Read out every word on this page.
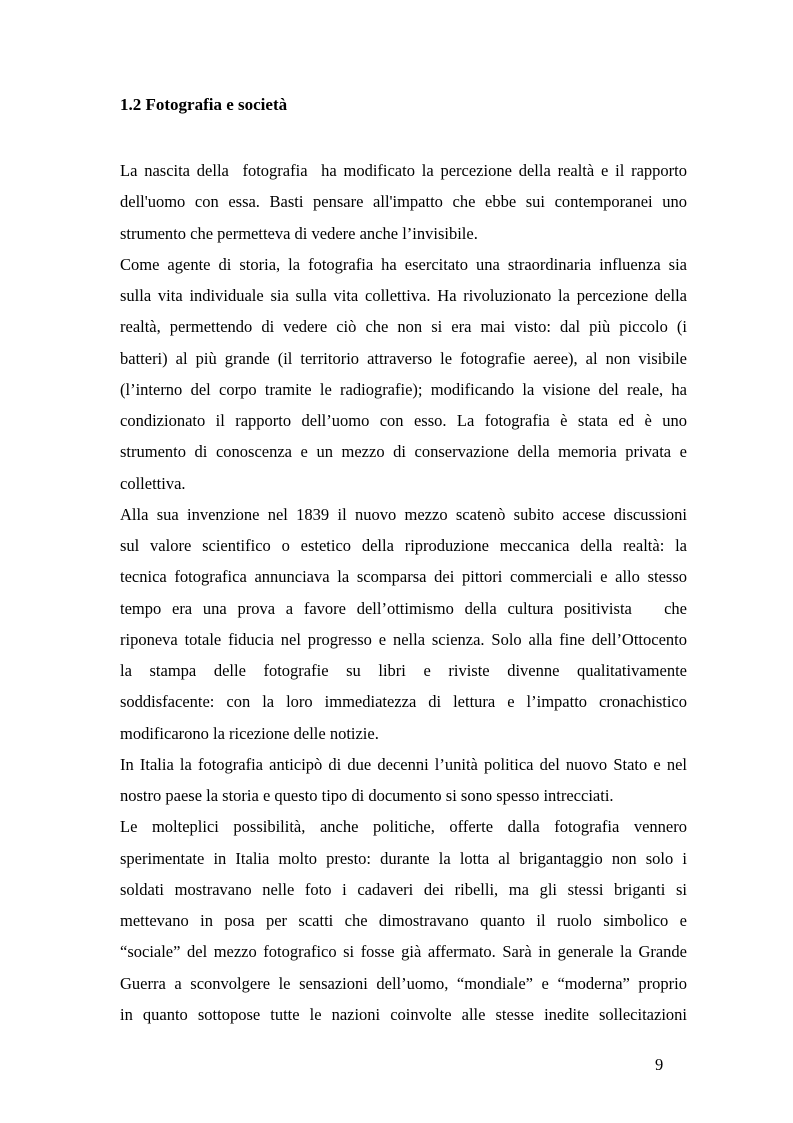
1.2 Fotografia e società
La nascita della  fotografia  ha modificato la percezione della realtà e il rapporto
dell'uomo con essa. Basti pensare all'impatto che ebbe sui contemporanei uno
strumento che permetteva di vedere anche l’invisibile.
Come agente di storia, la fotografia ha esercitato una straordinaria influenza sia
sulla vita individuale sia sulla vita collettiva. Ha rivoluzionato la percezione della
realtà, permettendo di vedere ciò che non si era mai visto: dal più piccolo (i
batteri) al più grande (il territorio attraverso le fotografie aeree), al non visibile
(l’interno del corpo tramite le radiografie); modificando la visione del reale, ha
condizionato il rapporto dell’uomo con esso. La fotografia è stata ed è uno
strumento di conoscenza e un mezzo di conservazione della memoria privata e
collettiva.
Alla sua invenzione nel 1839 il nuovo mezzo scatenò subito accese discussioni
sul valore scientifico o estetico della riproduzione meccanica della realtà: la
tecnica fotografica annunciava la scomparsa dei pittori commerciali e allo stesso
tempo era una prova a favore dell’ottimismo della cultura positivista   che
riponeva totale fiducia nel progresso e nella scienza. Solo alla fine dell’Ottocento
la stampa delle fotografie su libri e riviste divenne qualitativamente
soddisfacente: con la loro immediatezza di lettura e l’impatto cronachistico
modificarono la ricezione delle notizie.
In Italia la fotografia anticipò di due decenni l’unità politica del nuovo Stato e nel
nostro paese la storia e questo tipo di documento si sono spesso intrecciati.
Le molteplici possibilità, anche politiche, offerte dalla fotografia vennero
sperimentate in Italia molto presto: durante la lotta al brigantaggio non solo i
soldati mostravano nelle foto i cadaveri dei ribelli, ma gli stessi briganti si
mettevano in posa per scatti che dimostravano quanto il ruolo simbolico e
“sociale” del mezzo fotografico si fosse già affermato. Sarà in generale la Grande
Guerra a sconvolgere le sensazioni dell’uomo, “mondiale” e “moderna” proprio
in quanto sottopose tutte le nazioni coinvolte alle stesse inedite sollecitazioni
9
